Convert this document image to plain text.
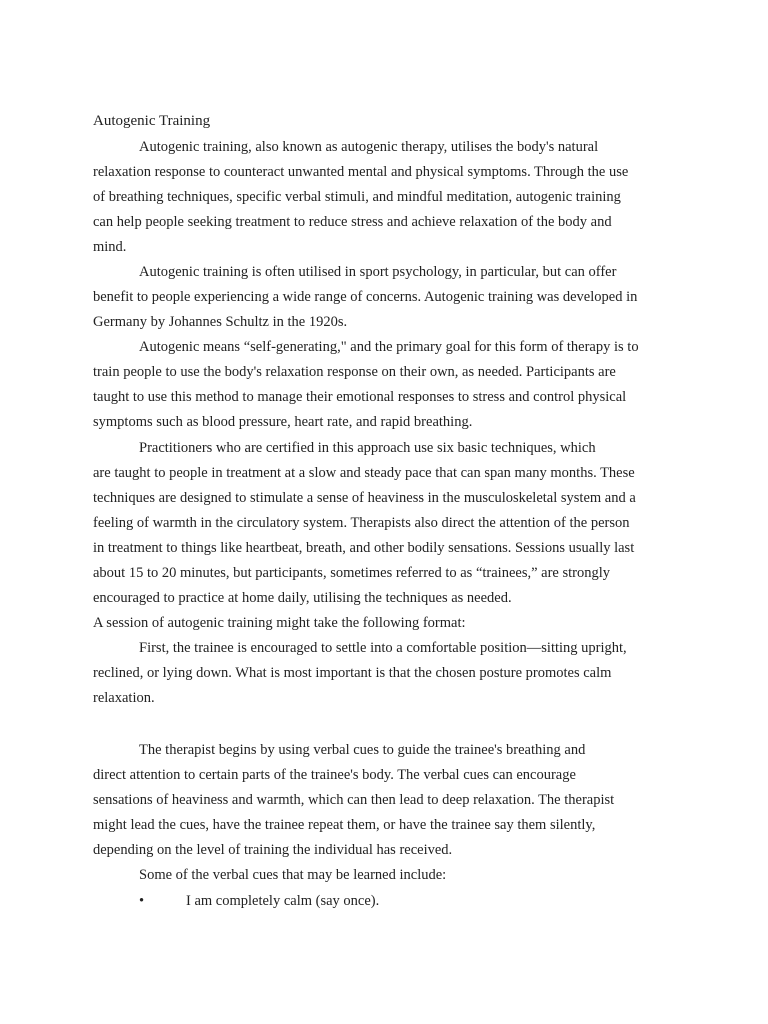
Autogenic Training
Autogenic training, also known as autogenic therapy, utilises the body's natural
relaxation response to counteract unwanted mental and physical symptoms. Through the use
of breathing techniques, specific verbal stimuli, and mindful meditation, autogenic training
can help people seeking treatment to reduce stress and achieve relaxation of the body and
mind.
Autogenic training is often utilised in sport psychology, in particular, but can offer
benefit to people experiencing a wide range of concerns. Autogenic training was developed in
Germany by Johannes Schultz in the 1920s.
Autogenic means “self-generating," and the primary goal for this form of therapy is to
train people to use the body's relaxation response on their own, as needed. Participants are
taught to use this method to manage their emotional responses to stress and control physical
symptoms such as blood pressure, heart rate, and rapid breathing.
Practitioners who are certified in this approach use six basic techniques, which
are taught to people in treatment at a slow and steady pace that can span many months. These
techniques are designed to stimulate a sense of heaviness in the musculoskeletal system and a
feeling of warmth in the circulatory system. Therapists also direct the attention of the person
in treatment to things like heartbeat, breath, and other bodily sensations. Sessions usually last
about 15 to 20 minutes, but participants, sometimes referred to as “trainees,” are strongly
encouraged to practice at home daily, utilising the techniques as needed.
A session of autogenic training might take the following format:
First, the trainee is encouraged to settle into a comfortable position—sitting upright,
reclined, or lying down. What is most important is that the chosen posture promotes calm
relaxation.
The therapist begins by using verbal cues to guide the trainee's breathing and
direct attention to certain parts of the trainee's body. The verbal cues can encourage
sensations of heaviness and warmth, which can then lead to deep relaxation. The therapist
might lead the cues, have the trainee repeat them, or have the trainee say them silently,
depending on the level of training the individual has received.
Some of the verbal cues that may be learned include:
•	I am completely calm (say once).
